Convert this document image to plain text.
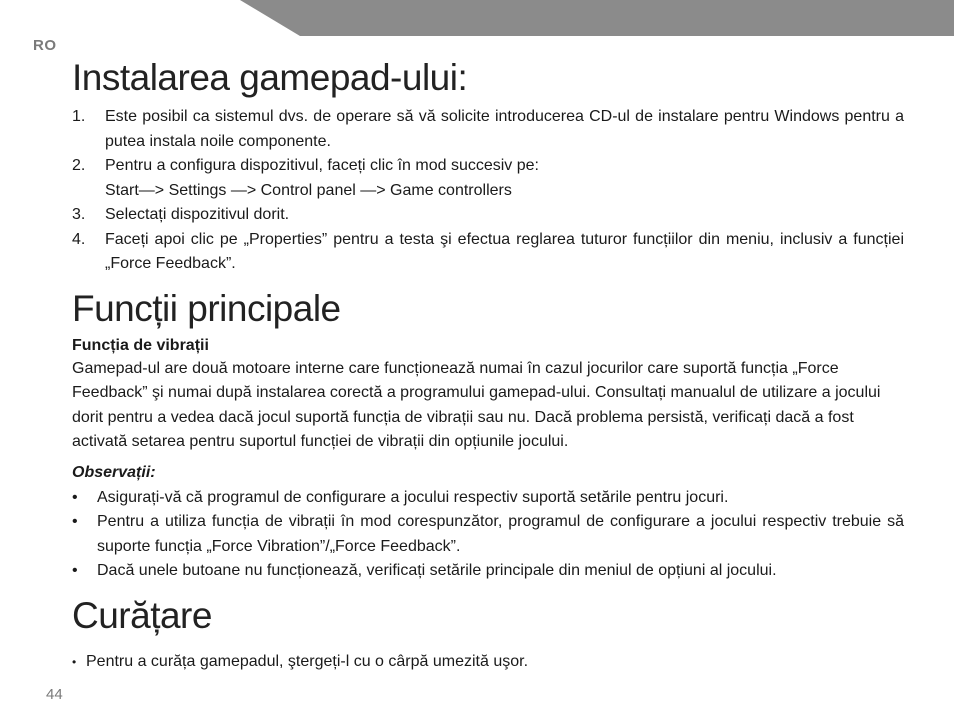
RO
Instalarea gamepad-ului:
1. Este posibil ca sistemul dvs. de operare să vă solicite introducerea CD-ul de instalare pentru Windows pentru a putea instala noile componente.
2. Pentru a configura dispozitivul, faceți clic în mod succesiv pe:
Start—> Settings —> Control panel —> Game controllers
3. Selectați dispozitivul dorit.
4. Faceți apoi clic pe „Properties” pentru a testa şi efectua reglarea tuturor funcțiilor din meniu, inclusiv a funcției „Force Feedback”.
Funcții principale
Funcția de vibrații

Gamepad-ul are două motoare interne care funcționează numai în cazul jocurilor care suportă funcția „Force Feedback” şi numai după instalarea corectă a programului gamepad-ului. Consultați manualul de utilizare a jocului dorit pentru a vedea dacă jocul suportă funcția de vibrații sau nu. Dacă problema persistă, verificați dacă a fost activată setarea pentru suportul funcției de vibrații din opțiunile jocului.

Observații:
• Asigurați-vă că programul de configurare a jocului respectiv suportă setările pentru jocuri.
• Pentru a utiliza funcția de vibrații în mod corespunzător, programul de configurare a jocului respectiv trebuie să suporte funcția „Force Vibration”/„Force Feedback”.
• Dacă unele butoane nu funcționează, verificați setările principale din meniul de opțiuni al jocului.
Curățare
• Pentru a curăța gamepadul, ştergeți-l cu o cârpă umezită uşor.
44
